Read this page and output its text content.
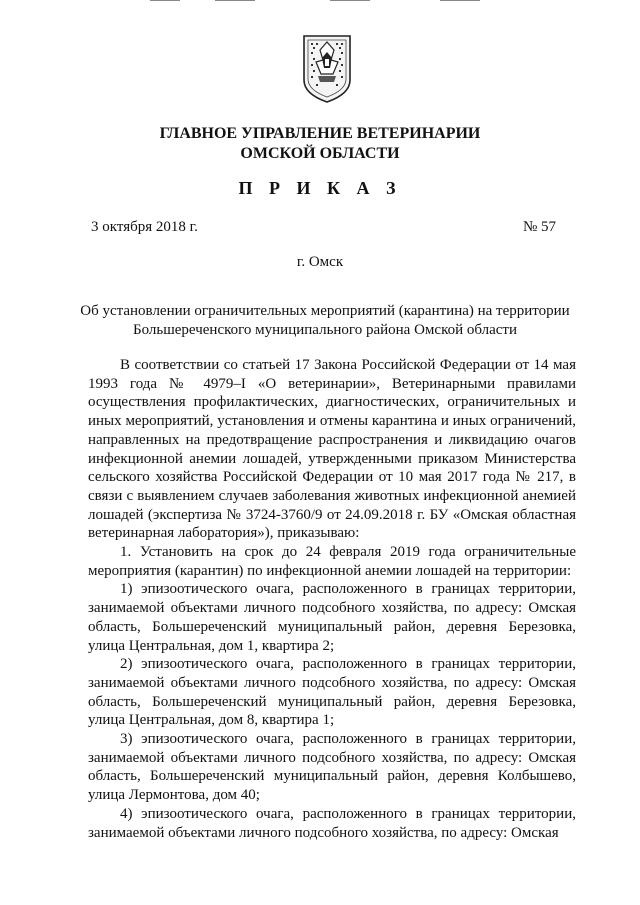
ГЛАВНОЕ УПРАВЛЕНИЕ ВЕТЕРИНАРИИ
ОМСКОЙ ОБЛАСТИ
П Р И К А З
3 октября 2018 г.	№ 57
г. Омск
Об установлении ограничительных мероприятий (карантина) на территории
Большереченского муниципального района Омской области

В соответствии со статьей 17 Закона Российской Федерации от 14 мая 1993 года № 4979–I «О ветеринарии», Ветеринарными правилами осуществления профилактических, диагностических, ограничительных и иных мероприятий, установления и отмены карантина и иных ограничений, направленных на предотвращение распространения и ликвидацию очагов инфекционной анемии лошадей, утвержденными приказом Министерства сельского хозяйства Российской Федерации от 10 мая 2017 года № 217, в связи с выявлением случаев заболевания животных инфекционной анемией лошадей (экспертиза № 3724-3760/9 от 24.09.2018 г. БУ «Омская областная ветеринарная лаборатория»), приказываю:

1. Установить на срок до 24 февраля 2019 года ограничительные мероприятия (карантин) по инфекционной анемии лошадей на территории:

1) эпизоотического очага, расположенного в границах территории, занимаемой объектами личного подсобного хозяйства, по адресу: Омская область, Большереченский муниципальный район, деревня Березовка, улица Центральная, дом 1, квартира 2;

2) эпизоотического очага, расположенного в границах территории, занимаемой объектами личного подсобного хозяйства, по адресу: Омская область, Большереченский муниципальный район, деревня Березовка, улица Центральная, дом 8, квартира 1;

3) эпизоотического очага, расположенного в границах территории, занимаемой объектами личного подсобного хозяйства, по адресу: Омская область, Большереченский муниципальный район, деревня Колбышево, улица Лермонтова, дом 40;

4) эпизоотического очага, расположенного в границах территории, занимаемой объектами личного подсобного хозяйства, по адресу: Омская
